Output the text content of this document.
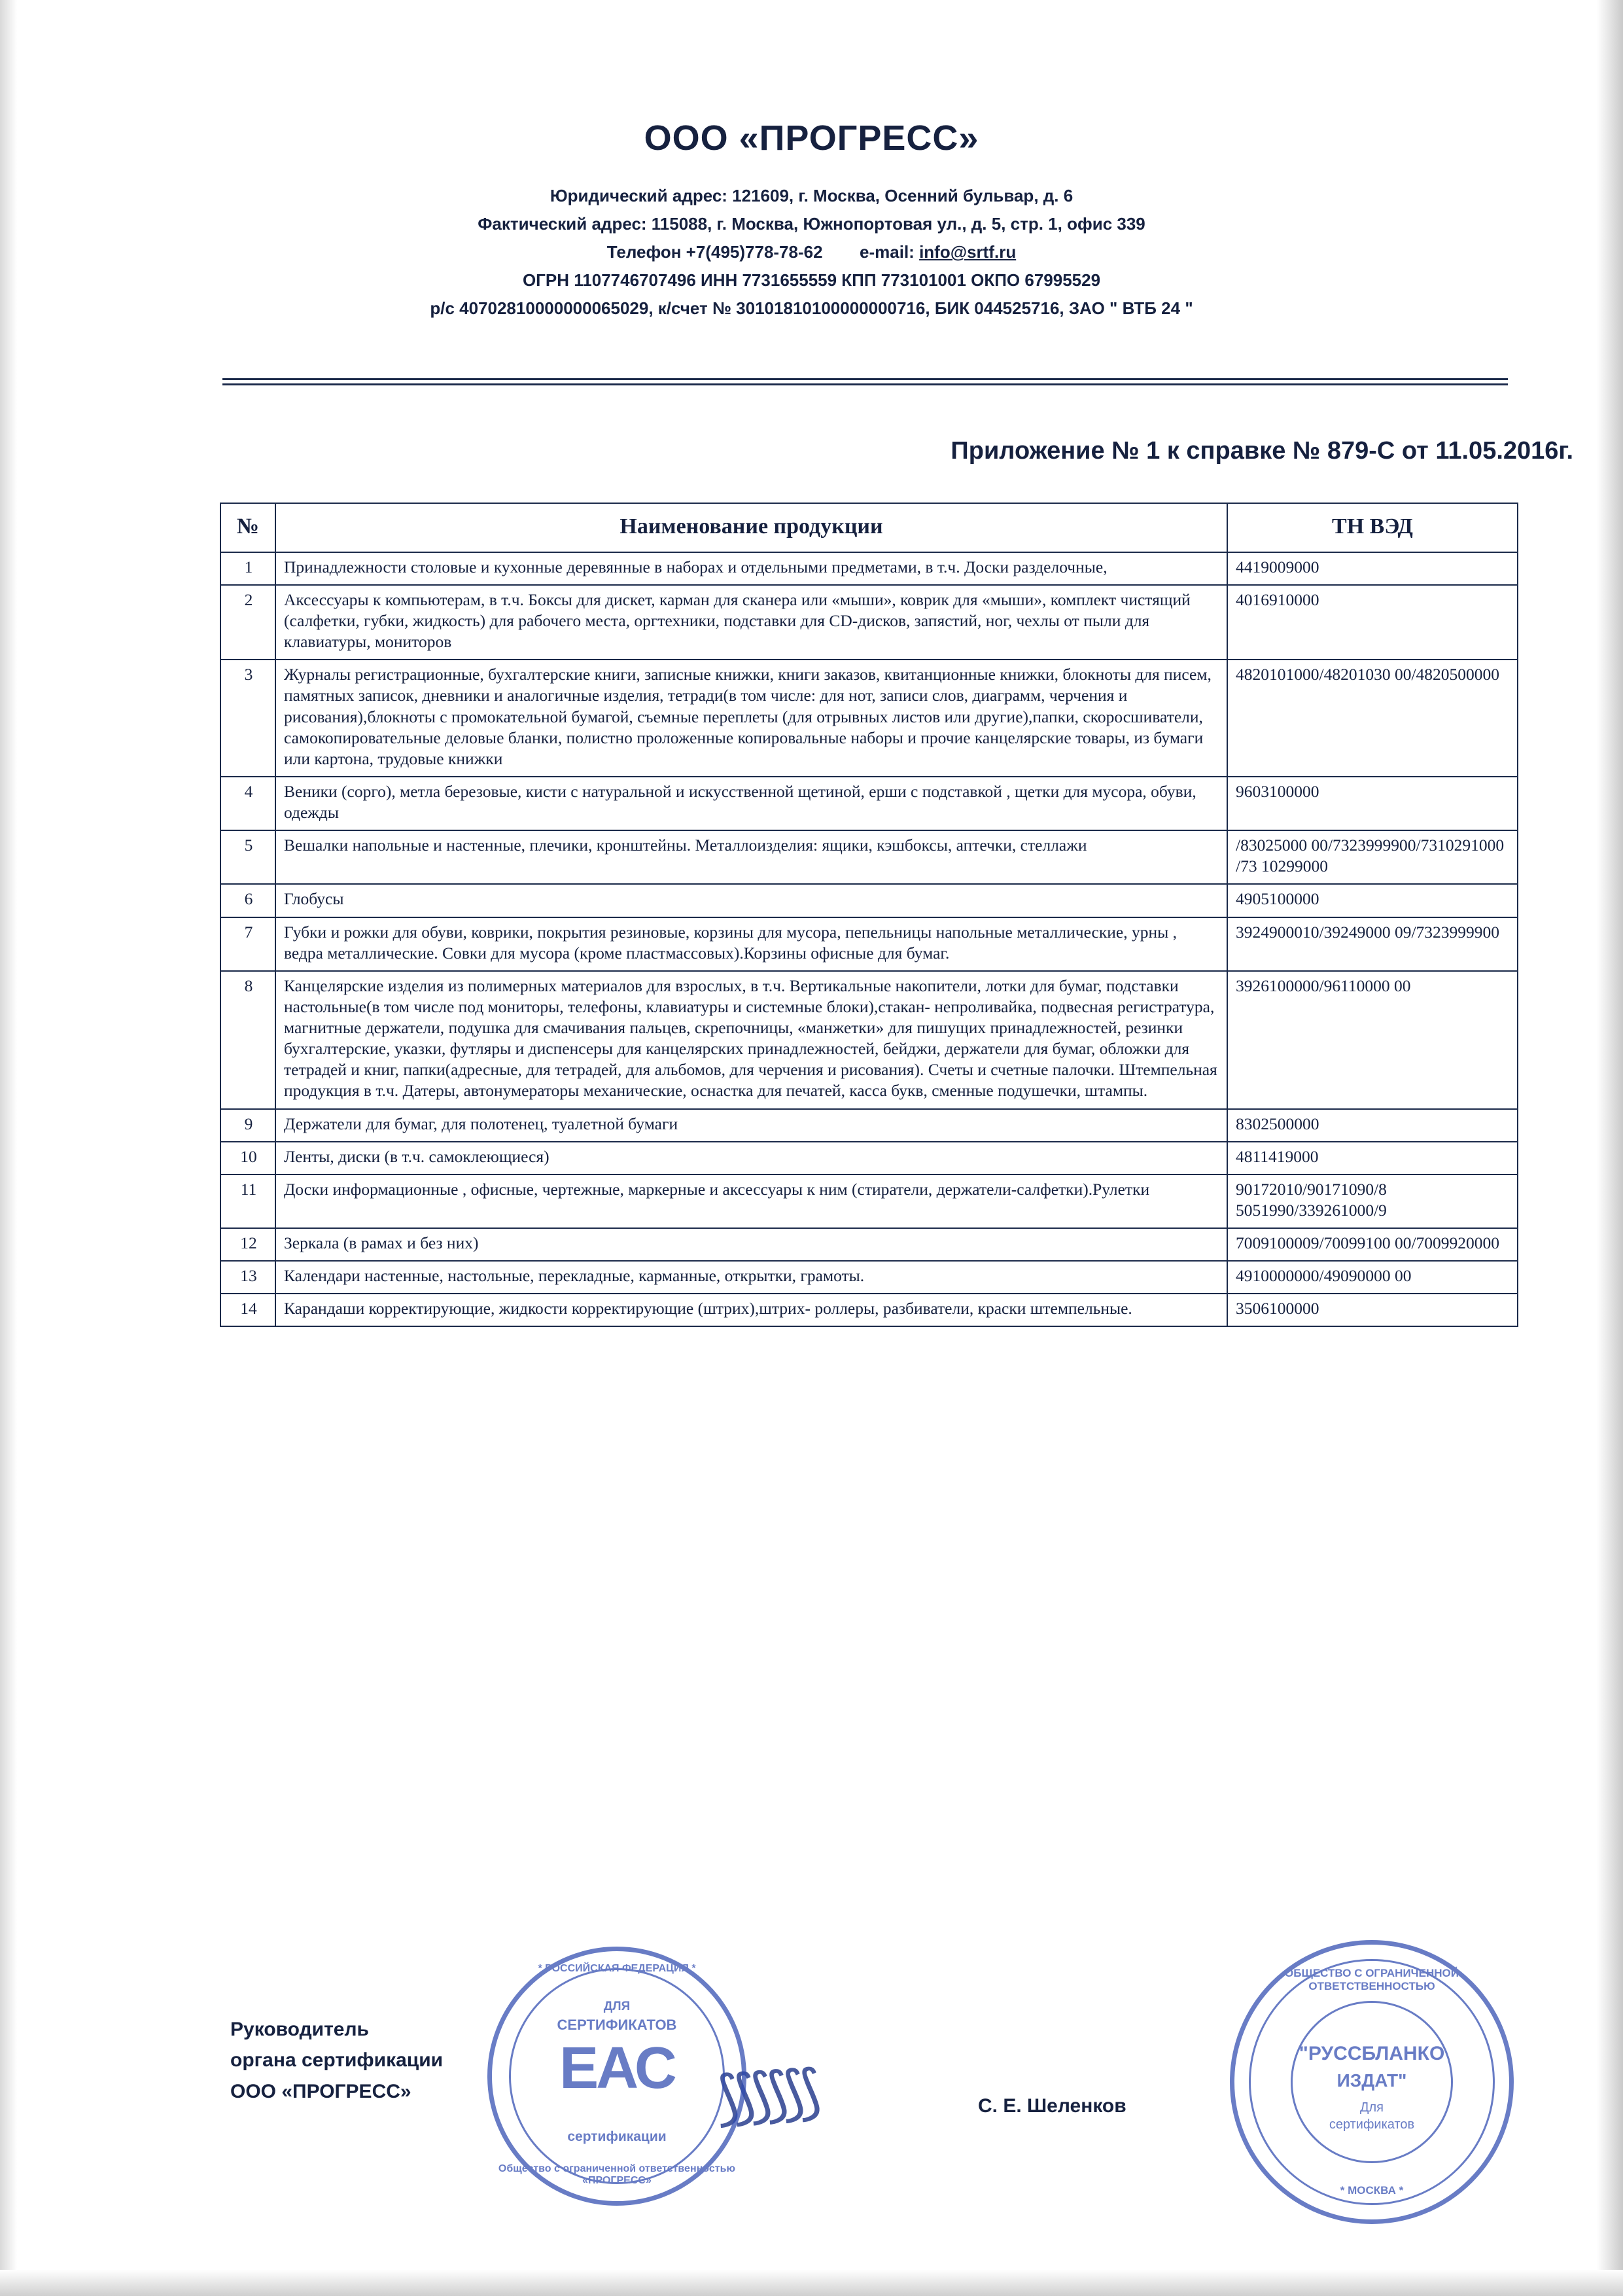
ООО «ПРОГРЕСС»
Юридический адрес: 121609, г. Москва, Осенний бульвар, д. 6
Фактический адрес: 115088, г. Москва, Южнопортовая ул., д. 5, стр. 1, офис 339
Телефон +7(495)778-78-62 e-mail: info@srtf.ru
ОГРН 1107746707496 ИНН 7731655559 КПП 773101001 ОКПО 67995529
р/с 40702810000000065029, к/счет № 30101810100000000716, БИК 044525716, ЗАО " ВТБ 24 "
Приложение № 1 к справке № 879-С от 11.05.2016г.
№	Наименование продукции	ТН ВЭД
1	Принадлежности столовые и кухонные деревянные в наборах и отдельными предметами, в т.ч. Доски разделочные,	4419009000
2	Аксессуары к компьютерам, в т.ч. Боксы для дискет, карман для сканера или «мыши», коврик для «мыши», комплект чистящий (салфетки, губки, жидкость) для рабочего места, оргтехники, подставки для CD-дисков, запястий, ног, чехлы от пыли для клавиатуры, мониторов	4016910000
3	Журналы регистрационные, бухгалтерские книги, записные книжки, книги заказов, квитанционные книжки, блокноты для писем, памятных записок, дневники и аналогичные изделия, тетради(в том числе: для нот, записи слов, диаграмм, черчения и рисования),блокноты с промокательной бумагой, съемные переплеты (для отрывных листов или другие),папки, скоросшиватели, самокопировательные деловые бланки, полистно проложенные копировальные наборы и прочие канцелярские товары, из бумаги или картона, трудовые книжки	4820101000/48201030 00/4820500000
4	Веники (сорго), метла березовые, кисти с натуральной и искусственной щетиной, ерши с подставкой , щетки для мусора, обуви, одежды	9603100000
5	Вешалки напольные и настенные, плечики, кронштейны. Металлоизделия: ящики, кэшбоксы, аптечки, стеллажи	/83025000 00/7323999900/7310291000 /73 10299000
6	Глобусы	4905100000
7	Губки и рожки для обуви, коврики, покрытия резиновые, корзины для мусора, пепельницы напольные металлические, урны , ведра металлические. Совки для мусора (кроме пластмассовых).Корзины офисные для бумаг.	3924900010/39249000 09/7323999900
8	Канцелярские изделия из полимерных материалов для взрослых, в т.ч. Вертикальные накопители, лотки для бумаг, подставки настольные(в том числе под мониторы, телефоны, клавиатуры и системные блоки),стакан- непроливайка, подвесная регистратура, магнитные держатели, подушка для смачивания пальцев, скрепочницы, «манжетки» для пишущих принадлежностей, резинки бухгалтерские, указки, футляры и диспенсеры для канцелярских принадлежностей, бейджи, держатели для бумаг, обложки для тетрадей и книг, папки(адресные, для тетрадей, для альбомов, для черчения и рисования). Счеты и счетные палочки. Штемпельная продукция в т.ч. Датеры, автонумераторы механические, оснастка для печатей, касса букв, сменные подушечки, штампы.	3926100000/96110000 00
9	Держатели для бумаг, для полотенец, туалетной бумаги	8302500000
10	Ленты, диски (в т.ч. самоклеющиеся)	4811419000
11	Доски информационные , офисные, чертежные, маркерные и аксессуары к ним (стиратели, держатели-салфетки).Рулетки	90172010/90171090/8 5051990/339261000/9
12	Зеркала (в рамах и без них)	7009100009/70099100 00/7009920000
13	Календари настенные, настольные, перекладные, карманные, открытки, грамоты.	4910000000/49090000 00
14	Карандаши корректирующие, жидкости корректирующие (штрих),штрих- роллеры, разбиватели, краски штемпельные.	3506100000
Руководитель
органа сертификации
ООО «ПРОГРЕСС»	⟆⟆⟆⟆⟆⟆	С. Е. Шеленков
* РОССИЙСКАЯ ФЕДЕРАЦИЯ *
ДЛЯ
СЕРТИФИКАТОВ
ЕАС
сертификации
Общество с ограниченной ответственностью «ПРОГРЕСС»
ОБЩЕСТВО С ОГРАНИЧЕННОЙ ОТВЕТСТВЕННОСТЬЮ
"РУССБЛАНКО
ИЗДАТ"
Для
сертификатов
* МОСКВА *
